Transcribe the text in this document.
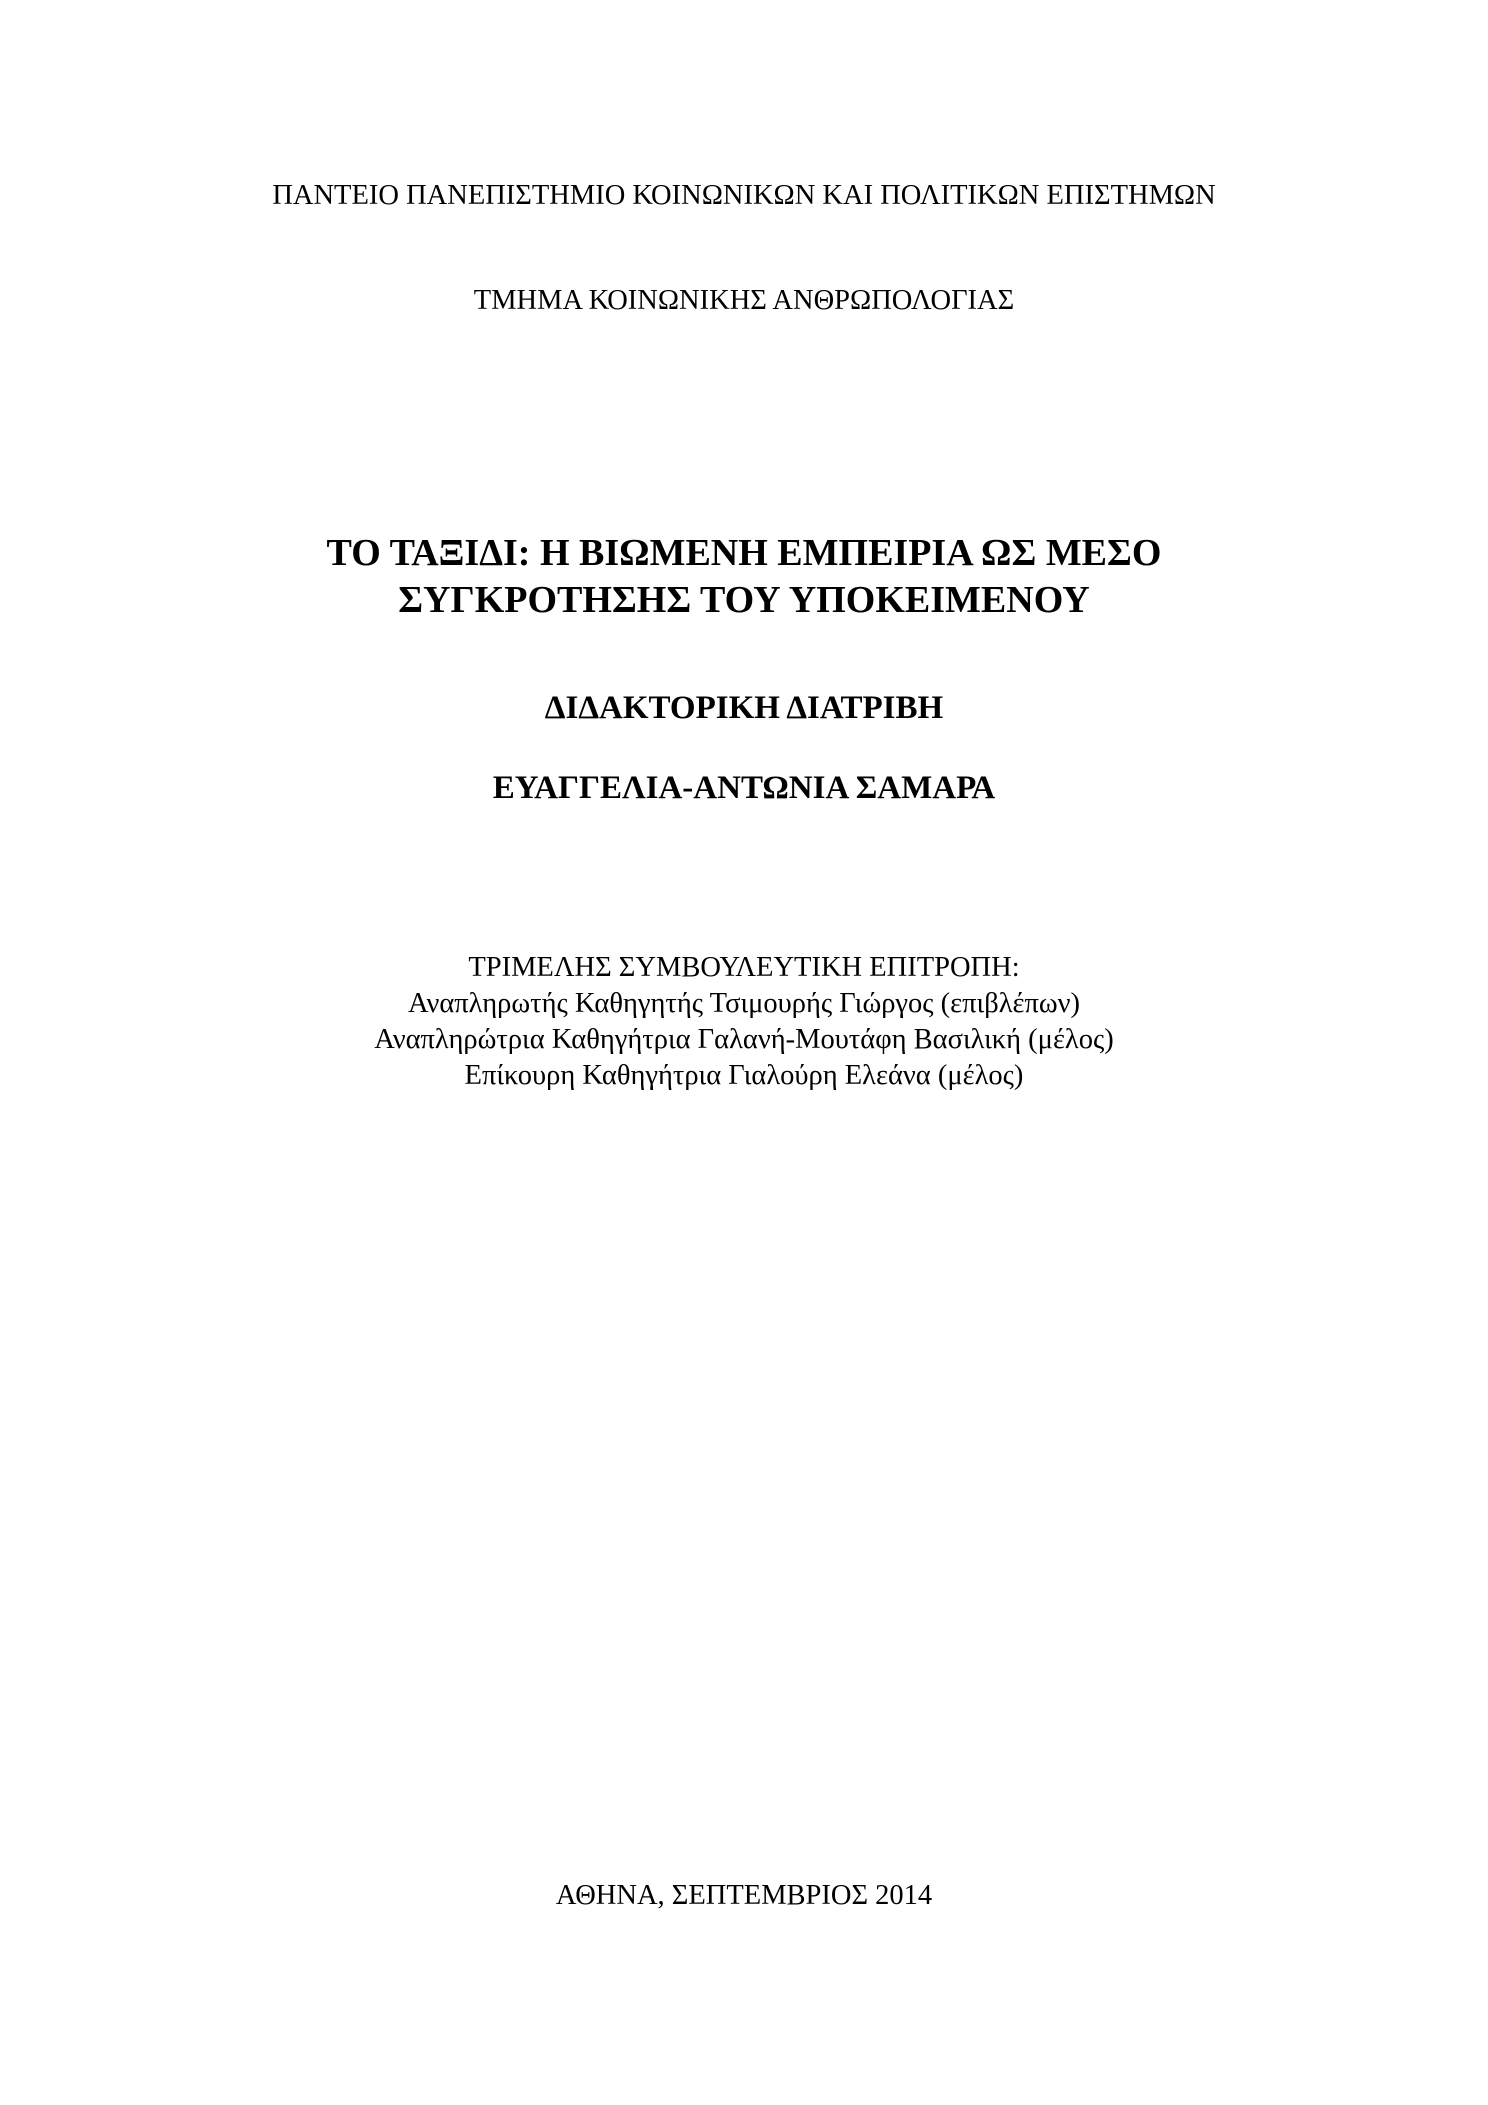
ΠΑΝΤΕΙΟ ΠΑΝΕΠΙΣΤΗΜΙΟ ΚΟΙΝΩΝΙΚΩΝ ΚΑΙ ΠΟΛΙΤΙΚΩΝ ΕΠΙΣΤΗΜΩΝ
ΤΜΗΜΑ ΚΟΙΝΩΝΙΚΗΣ ΑΝΘΡΩΠΟΛΟΓΙΑΣ
ΤΟ ΤΑΞΙΔΙ: Η ΒΙΩΜΕΝΗ ΕΜΠΕΙΡΙΑ ΩΣ ΜΕΣΟ
ΣΥΓΚΡΟΤΗΣΗΣ ΤΟΥ ΥΠΟΚΕΙΜΕΝΟΥ
ΔΙΔΑΚΤΟΡΙΚΗ ΔΙΑΤΡΙΒΗ
ΕΥΑΓΓΕΛΙΑ-ΑΝΤΩΝΙΑ ΣΑΜΑΡΑ
ΤΡΙΜΕΛΗΣ ΣΥΜΒΟΥΛΕΥΤΙΚΗ ΕΠΙΤΡΟΠΗ:
Αναπληρωτής Καθηγητής Τσιμουρής Γιώργος (επιβλέπων)
Αναπληρώτρια Καθηγήτρια Γαλανή-Μουτάφη Βασιλική (μέλος)
Επίκουρη Καθηγήτρια Γιαλούρη Ελεάνα (μέλος)
ΑΘΗΝΑ, ΣΕΠΤΕΜΒΡΙΟΣ 2014
